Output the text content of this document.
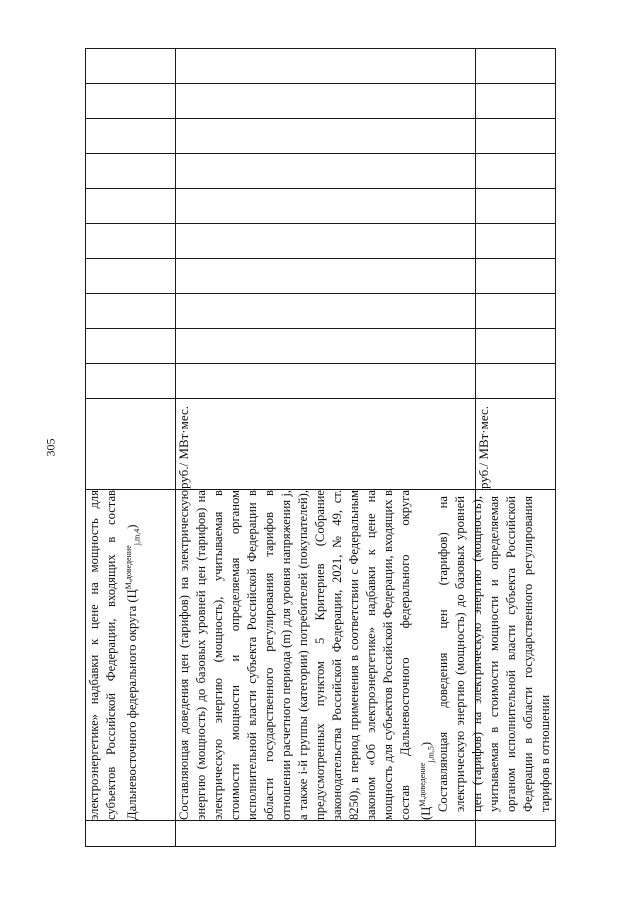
305

	электроэнергетике» надбавки к цене на мощность для субъектов Российской Федерации, входящих в состав Дальневосточного федерального округа $(Ц^{М,доведение}_{j,m,4})$											

	Составляющая доведения цен (тарифов) на электрическую энергию (мощность) до базовых уровней цен (тарифов) на электрическую энергию (мощность), учитываемая в стоимости мощности и определяемая органом исполнительной власти субъекта Российской Федерации в области государственного регулирования тарифов в отношении расчетного периода (m) для уровня напряжения j, а также i-й группы (категории) потребителей (покупателей), предусмотренных пунктом 5 Критериев (Собрание законодательства Российской Федерации, 2021, № 49, ст. 8250), в период применения в соответствии с Федеральным законом «Об электроэнергетике» надбавки к цене на мощность для субъектов Российской Федерации, входящих в состав Дальневосточного федерального округа $(Ц^{М,доведение}_{j,m,5})$	руб./ МВт·мес.										

	Составляющая доведения цен (тарифов) на электрическую энергию (мощность) до базовых уровней цен (тарифов) на электрическую энергию (мощность), учитываемая в стоимости мощности и определяемая органом исполнительной власти субъекта Российской Федерации в области государственного регулирования тарифов в отношении	руб./ МВт·мес.										
